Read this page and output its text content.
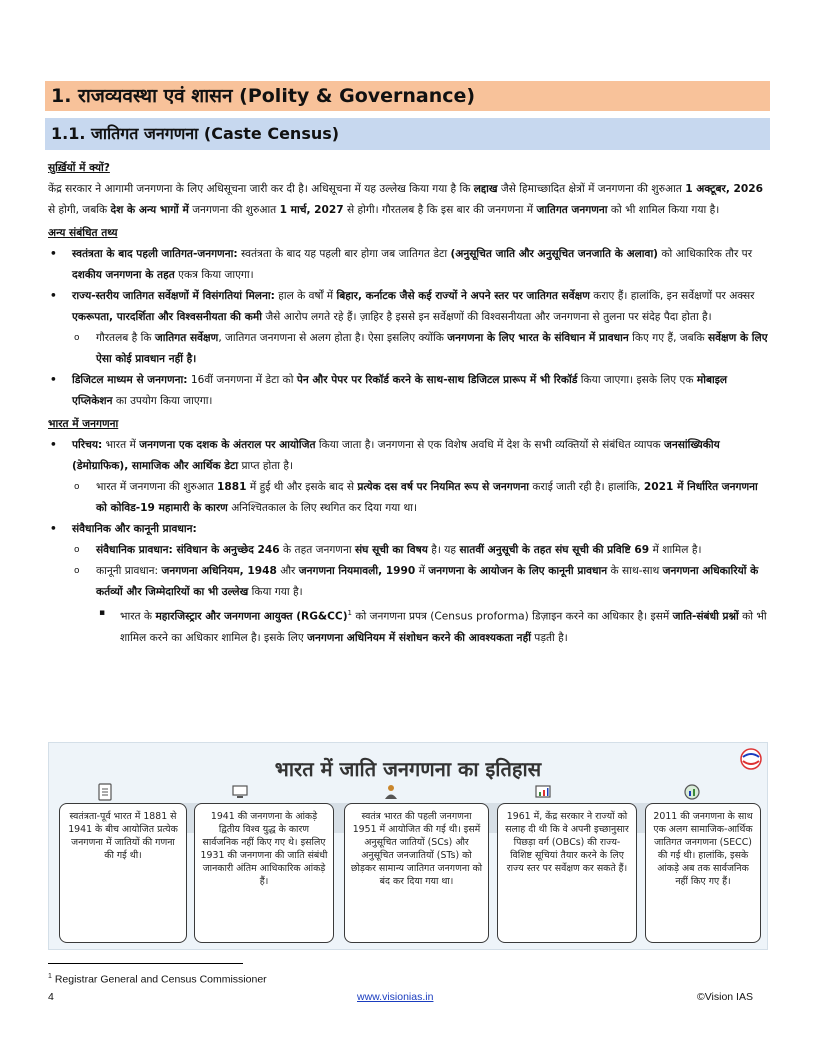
1. राजव्यवस्था एवं शासन (Polity & Governance)
1.1. जातिगत जनगणना (Caste Census)

सुर्ख़ियों में क्यों?

केंद्र सरकार ने आगामी जनगणना के लिए अधिसूचना जारी कर दी है। अधिसूचना में यह उल्लेख किया गया है कि लद्दाख जैसे हिमाच्छादित क्षेत्रों में जनगणना की शुरुआत 1 अक्टूबर, 2026 से होगी, जबकि देश के अन्य भागों में जनगणना की शुरुआत 1 मार्च, 2027 से होगी। गौरतलब है कि इस बार की जनगणना में जातिगत जनगणना को भी शामिल किया गया है।

अन्य संबंधित तथ्य

• स्वतंत्रता के बाद पहली जातिगत-जनगणना: स्वतंत्रता के बाद यह पहली बार होगा जब जातिगत डेटा (अनुसूचित जाति और अनुसूचित जनजाति के अलावा) को आधिकारिक तौर पर दशकीय जनगणना के तहत एकत्र किया जाएगा।
• राज्य-स्तरीय जातिगत सर्वेक्षणों में विसंगतियां मिलना: हाल के वर्षों में बिहार, कर्नाटक जैसे कई राज्यों ने अपने स्तर पर जातिगत सर्वेक्षण कराए हैं। हालांकि, इन सर्वेक्षणों पर अक्सर एकरूपता, पारदर्शिता और विश्वसनीयता की कमी जैसे आरोप लगते रहे हैं। ज़ाहिर है इससे इन सर्वेक्षणों की विश्वसनीयता और जनगणना से तुलना पर संदेह पैदा होता है।
o गौरतलब है कि जातिगत सर्वेक्षण, जातिगत जनगणना से अलग होता है। ऐसा इसलिए क्योंकि जनगणना के लिए भारत के संविधान में प्रावधान किए गए हैं, जबकि सर्वेक्षण के लिए ऐसा कोई प्रावधान नहीं है।
• डिजिटल माध्यम से जनगणना: 16वीं जनगणना में डेटा को पेन और पेपर पर रिकॉर्ड करने के साथ-साथ डिजिटल प्रारूप में भी रिकॉर्ड किया जाएगा। इसके लिए एक मोबाइल एप्लिकेशन का उपयोग किया जाएगा।

भारत में जनगणना

• परिचय: भारत में जनगणना एक दशक के अंतराल पर आयोजित किया जाता है। जनगणना से एक विशेष अवधि में देश के सभी व्यक्तियों से संबंधित व्यापक जनसांख्यिकीय (डेमोग्राफिक), सामाजिक और आर्थिक डेटा प्राप्त होता है।
o भारत में जनगणना की शुरुआत 1881 में हुई थी और इसके बाद से प्रत्येक दस वर्ष पर नियमित रूप से जनगणना कराई जाती रही है। हालांकि, 2021 में निर्धारित जनगणना को कोविड-19 महामारी के कारण अनिश्चितकाल के लिए स्थगित कर दिया गया था।
• संवैधानिक और कानूनी प्रावधान:
o संवैधानिक प्रावधान: संविधान के अनुच्छेद 246 के तहत जनगणना संघ सूची का विषय है। यह सातवीं अनुसूची के तहत संघ सूची की प्रविष्टि 69 में शामिल है।
o कानूनी प्रावधान: जनगणना अधिनियम, 1948 और जनगणना नियमावली, 1990 में जनगणना के आयोजन के लिए कानूनी प्रावधान के साथ-साथ जनगणना अधिकारियों के कर्तव्यों और जिम्मेदारियों का भी उल्लेख किया गया है।
▪ भारत के महारजिस्ट्रार और जनगणना आयुक्त (RG&CC)$^1$ को जनगणना प्रपत्र (Census proforma) डिज़ाइन करने का अधिकार है। इसमें जाति-संबंधी प्रश्नों को भी शामिल करने का अधिकार शामिल है। इसके लिए जनगणना अधिनियम में संशोधन करने की आवश्यकता नहीं पड़ती है।
भारत में जाति जनगणना का इतिहास
स्वतंत्रता-पूर्व भारत में 1881 से 1941 के बीच आयोजित प्रत्येक जनगणना में जातियों की गणना की गई थी।
1941 की जनगणना के आंकड़े द्वितीय विश्व युद्ध के कारण सार्वजनिक नहीं किए गए थे। इसलिए 1931 की जनगणना की जाति संबंधी जानकारी अंतिम आधिकारिक आंकड़े हैं।
स्वतंत्र भारत की पहली जनगणना 1951 में आयोजित की गई थी। इसमें अनुसूचित जातियों (SCs) और अनुसूचित जनजातियों (STs) को छोड़कर सामान्य जातिगत जनगणना को बंद कर दिया गया था।
1961 में, केंद्र सरकार ने राज्यों को सलाह दी थी कि वे अपनी इच्छानुसार पिछड़ा वर्ग (OBCs) की राज्य-विशिष्ट सूचियां तैयार करने के लिए राज्य स्तर पर सर्वेक्षण कर सकते हैं।
2011 की जनगणना के साथ एक अलग सामाजिक-आर्थिक जातिगत जनगणना (SECC) की गई थी। हालांकि, इसके आंकड़े अब तक सार्वजनिक नहीं किए गए हैं।
$^1$ Registrar General and Census Commissioner
4	www.visionias.in	©Vision IAS
